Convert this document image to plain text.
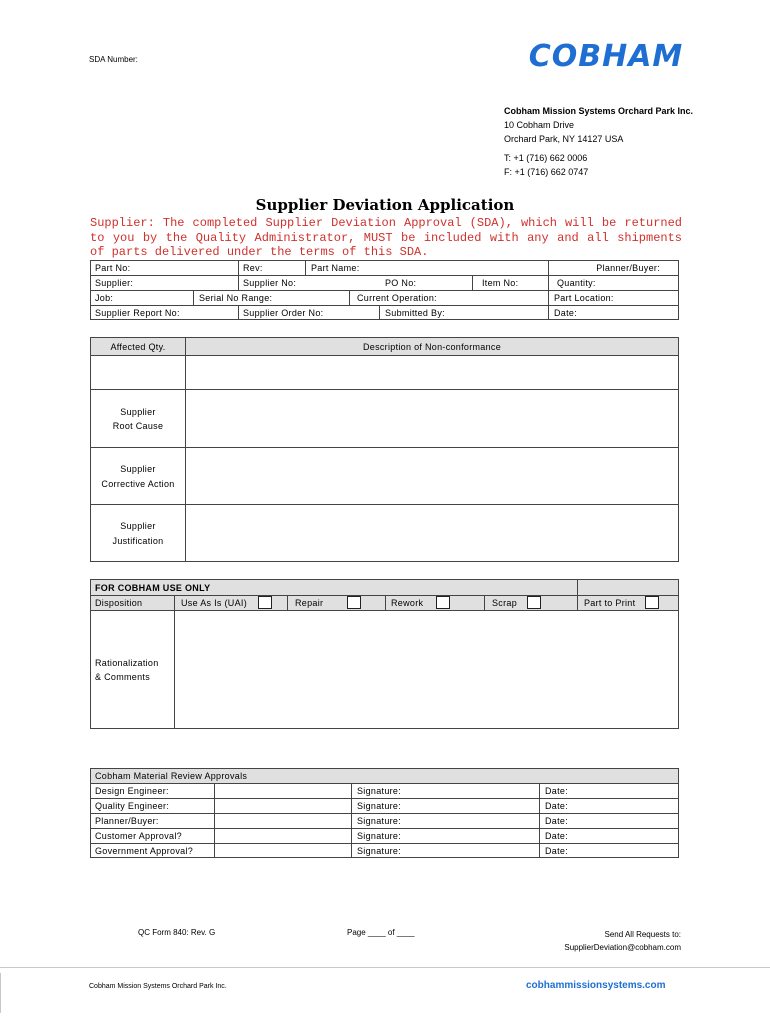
SDA Number:	COBHAM
Cobham Mission Systems Orchard Park Inc.
10 Cobham Drive
Orchard Park, NY 14127 USA
T: +1 (716) 662 0006
F: +1 (716) 662 0747
Supplier Deviation Application
Supplier: The completed Supplier Deviation Approval (SDA), which will be returned to you by the Quality Administrator, MUST be included with any and all shipments of parts delivered under the terms of this SDA.
Part No:	Rev:	Part Name:	Planner/Buyer:
Supplier:	Supplier No:	PO No:	Item No:	Quantity:
Job:	Serial No Range:	Current Operation:	Part Location:
Supplier Report No:	Supplier Order No:	Submitted By:	Date:
Affected Qty.	Description of Non-conformance
Supplier
Root Cause
Supplier
Corrective Action
Supplier
Justification
FOR COBHAM USE ONLY
Disposition	Use As Is (UAI)	Repair	Rework	Scrap	Part to Print
Rationalization
& Comments
Cobham Material Review Approvals
Design Engineer:	Signature:	Date:
Quality Engineer:	Signature:	Date:
Planner/Buyer:	Signature:	Date:
Customer Approval?	Signature:	Date:
Government Approval?	Signature:	Date:
QC Form 840: Rev. G	Page ____ of ____	Send All Requests to:
SupplierDeviation@cobham.com
Cobham Mission Systems Orchard Park Inc.	cobhammissionsystems.com
